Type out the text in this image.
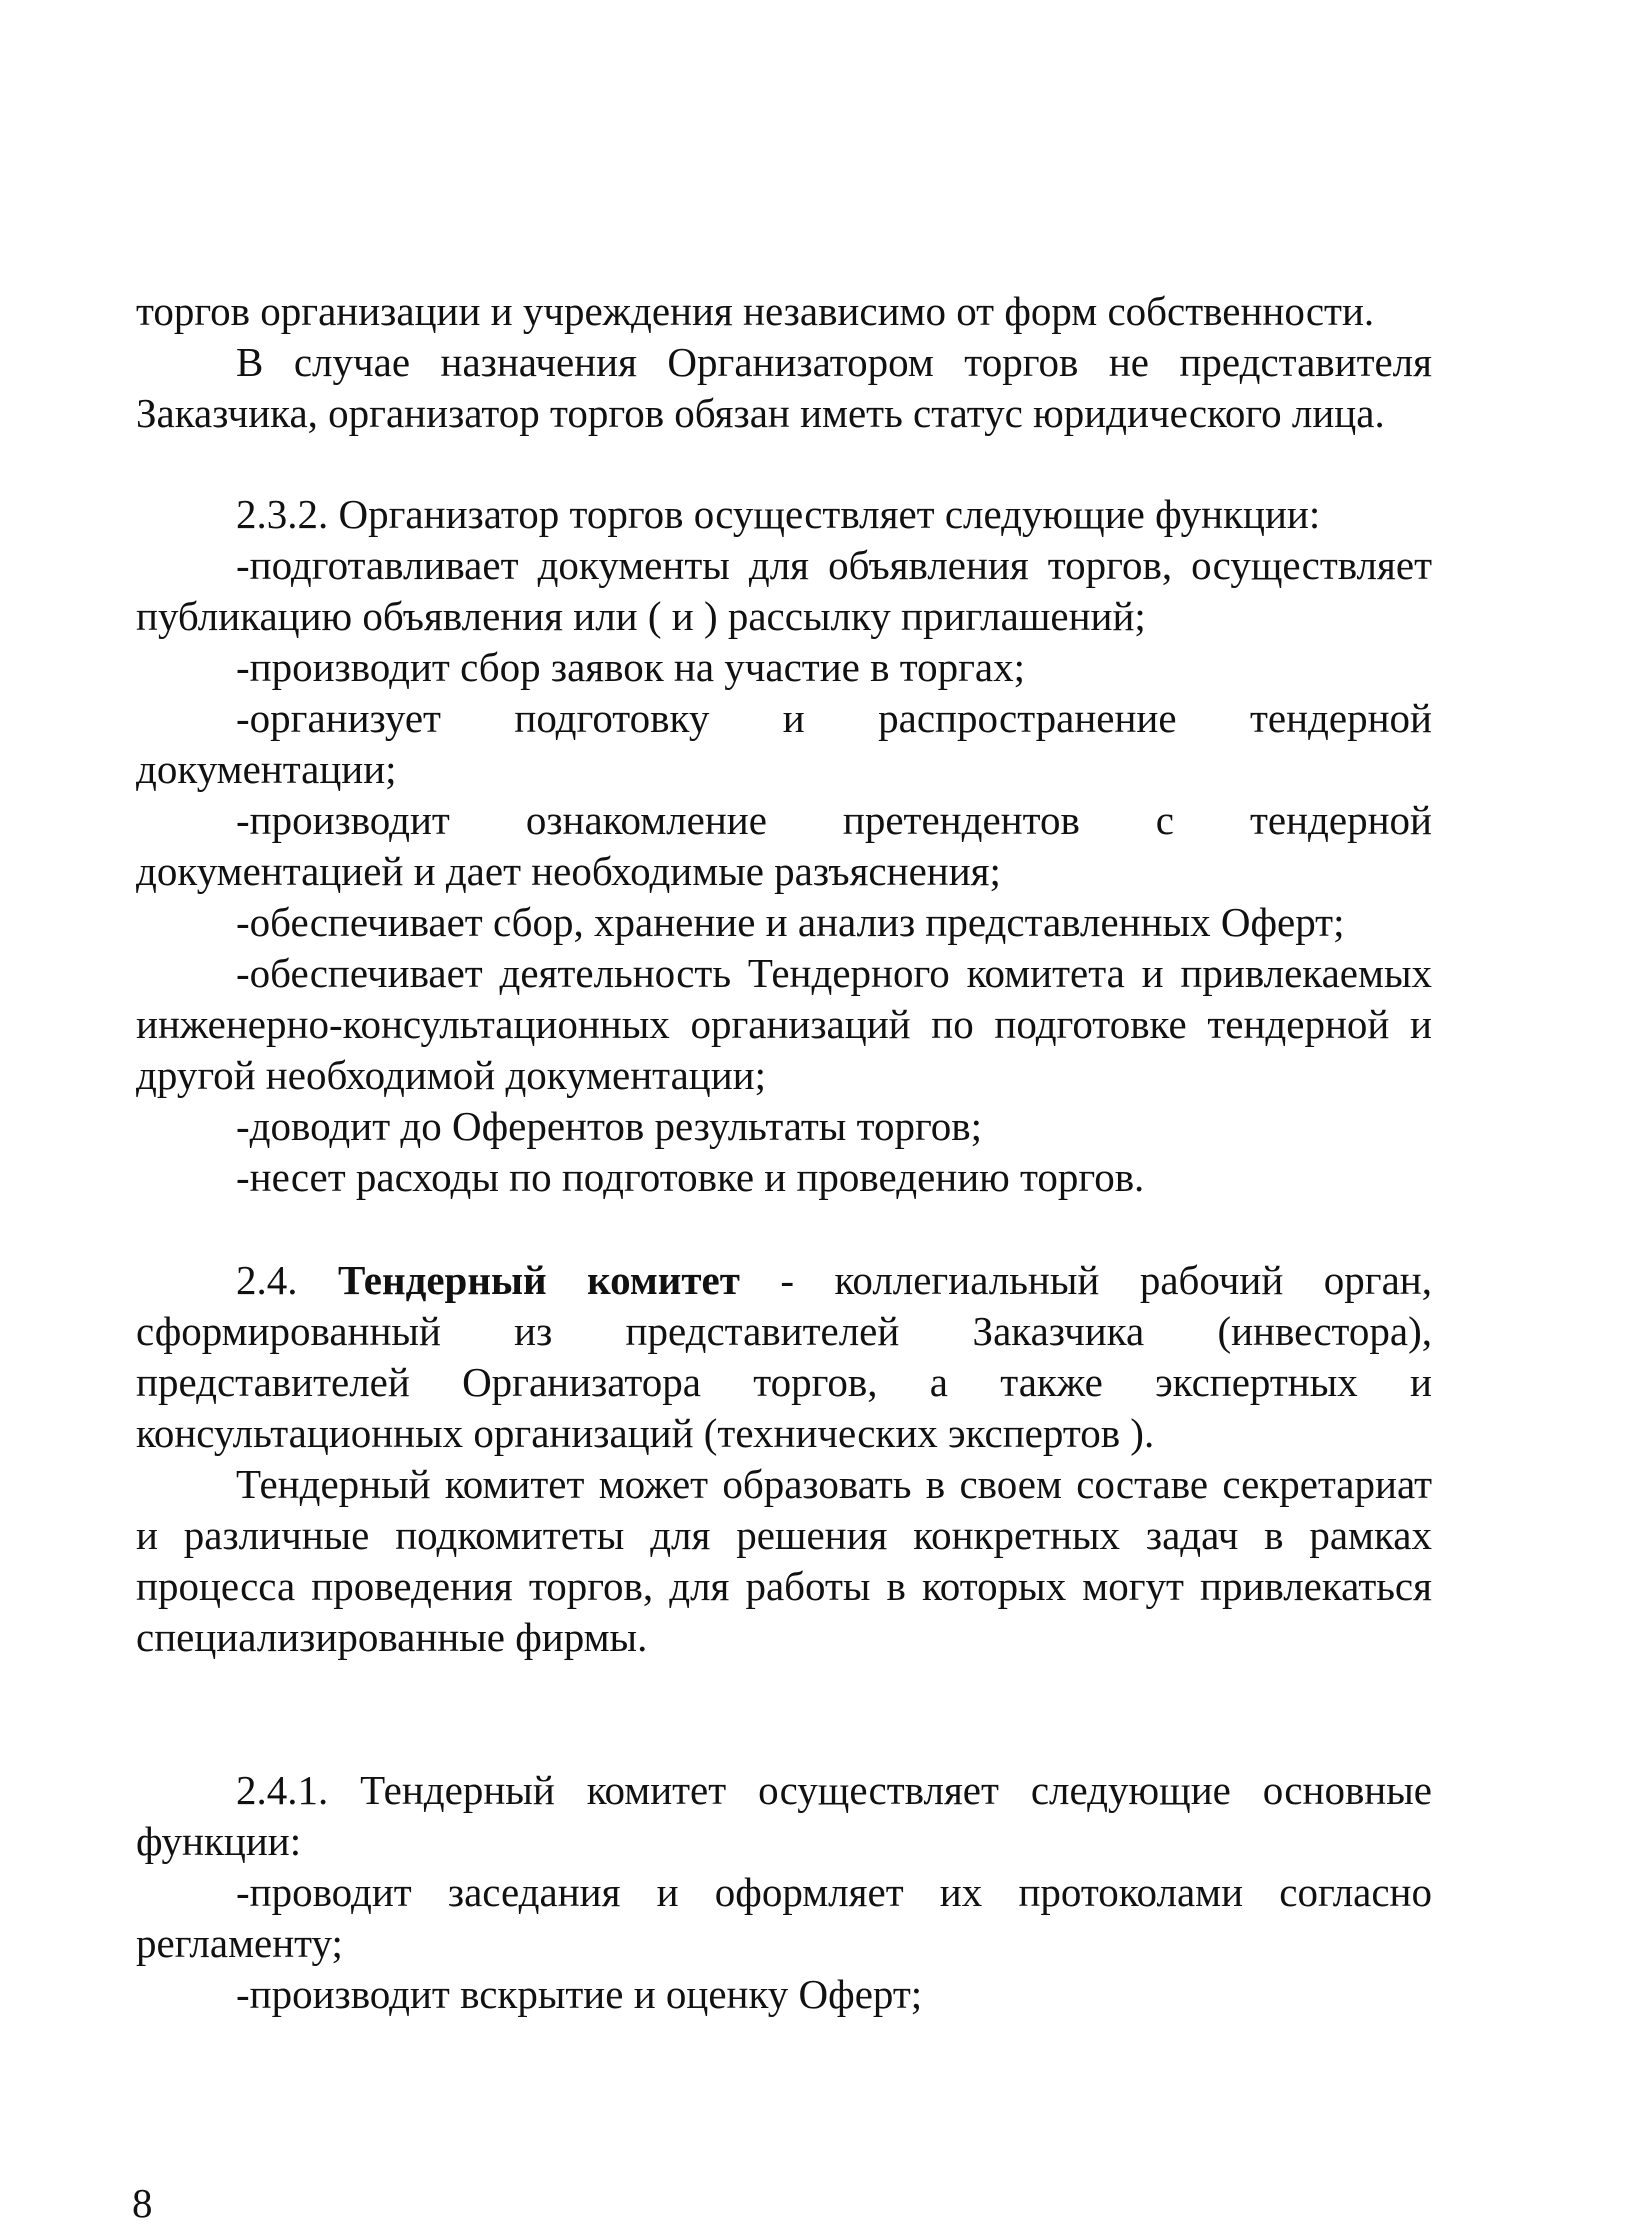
торгов организации и учреждения независимо от форм собственности.

В случае назначения Организатором торгов не представителя Заказчика, организатор торгов обязан иметь статус юридического лица.

2.3.2. Организатор торгов осуществляет следующие функции:

-подготавливает документы для объявления торгов, осуществляет публикацию объявления или ( и ) рассылку приглашений;

-производит сбор заявок на участие в торгах;

-организует подготовку и распространение тендерной документации;

-производит ознакомление претендентов с тендерной документацией и дает необходимые разъяснения;

-обеспечивает сбор, хранение и анализ представленных Оферт;

-обеспечивает деятельность Тендерного комитета и привлекаемых инженерно-консультационных организаций по подготовке тендерной и другой необходимой документации;

-доводит до Оферентов результаты торгов;

-несет расходы по подготовке и проведению торгов.

2.4. Тендерный комитет - коллегиальный рабочий орган, сформированный из представителей Заказчика (инвестора), представителей Организатора торгов, а также экспертных и консультационных организаций (технических экспертов ).

Тендерный комитет может образовать в своем составе секретариат и различные подкомитеты для решения конкретных задач в рамках процесса проведения торгов, для работы в которых могут привлекаться специализированные фирмы.

2.4.1. Тендерный комитет осуществляет следующие основные функции:

-проводит заседания и оформляет их протоколами согласно регламенту;

-производит вскрытие и оценку Оферт;

8
